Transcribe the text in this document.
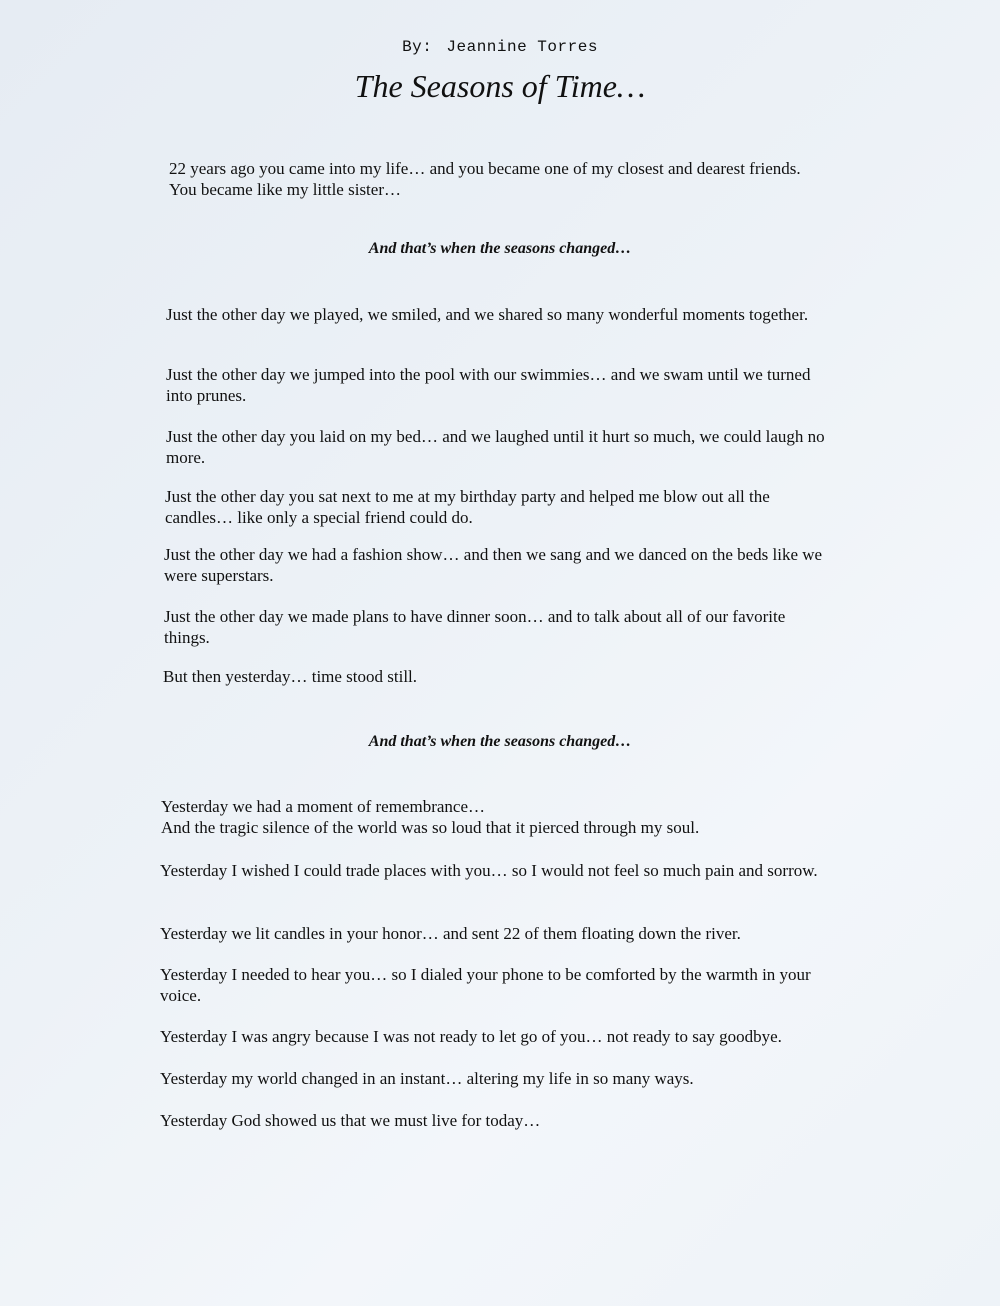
By: Jeannine Torres
The Seasons of Time…
22 years ago you came into my life… and you became one of my closest and dearest friends.
You became like my little sister…
And that’s when the seasons changed…
Just the other day we played, we smiled, and we shared so many wonderful moments together.
Just the other day we jumped into the pool with our swimmies… and we swam until we turned into prunes.
Just the other day you laid on my bed… and we laughed until it hurt so much, we could laugh no more.
Just the other day you sat next to me at my birthday party and helped me blow out all the candles… like only a special friend could do.
Just the other day we had a fashion show… and then we sang and we danced on the beds like we were superstars.
Just the other day we made plans to have dinner soon… and to talk about all of our favorite things.
But then yesterday… time stood still.
And that’s when the seasons changed…
Yesterday we had a moment of remembrance…
And the tragic silence of the world was so loud that it pierced through my soul.
Yesterday I wished I could trade places with you… so I would not feel so much pain and sorrow.
Yesterday we lit candles in your honor… and sent 22 of them floating down the river.
Yesterday I needed to hear you… so I dialed your phone to be comforted by the warmth in your voice.
Yesterday I was angry because I was not ready to let go of you… not ready to say goodbye.
Yesterday my world changed in an instant… altering my life in so many ways.
Yesterday God showed us that we must live for today…
